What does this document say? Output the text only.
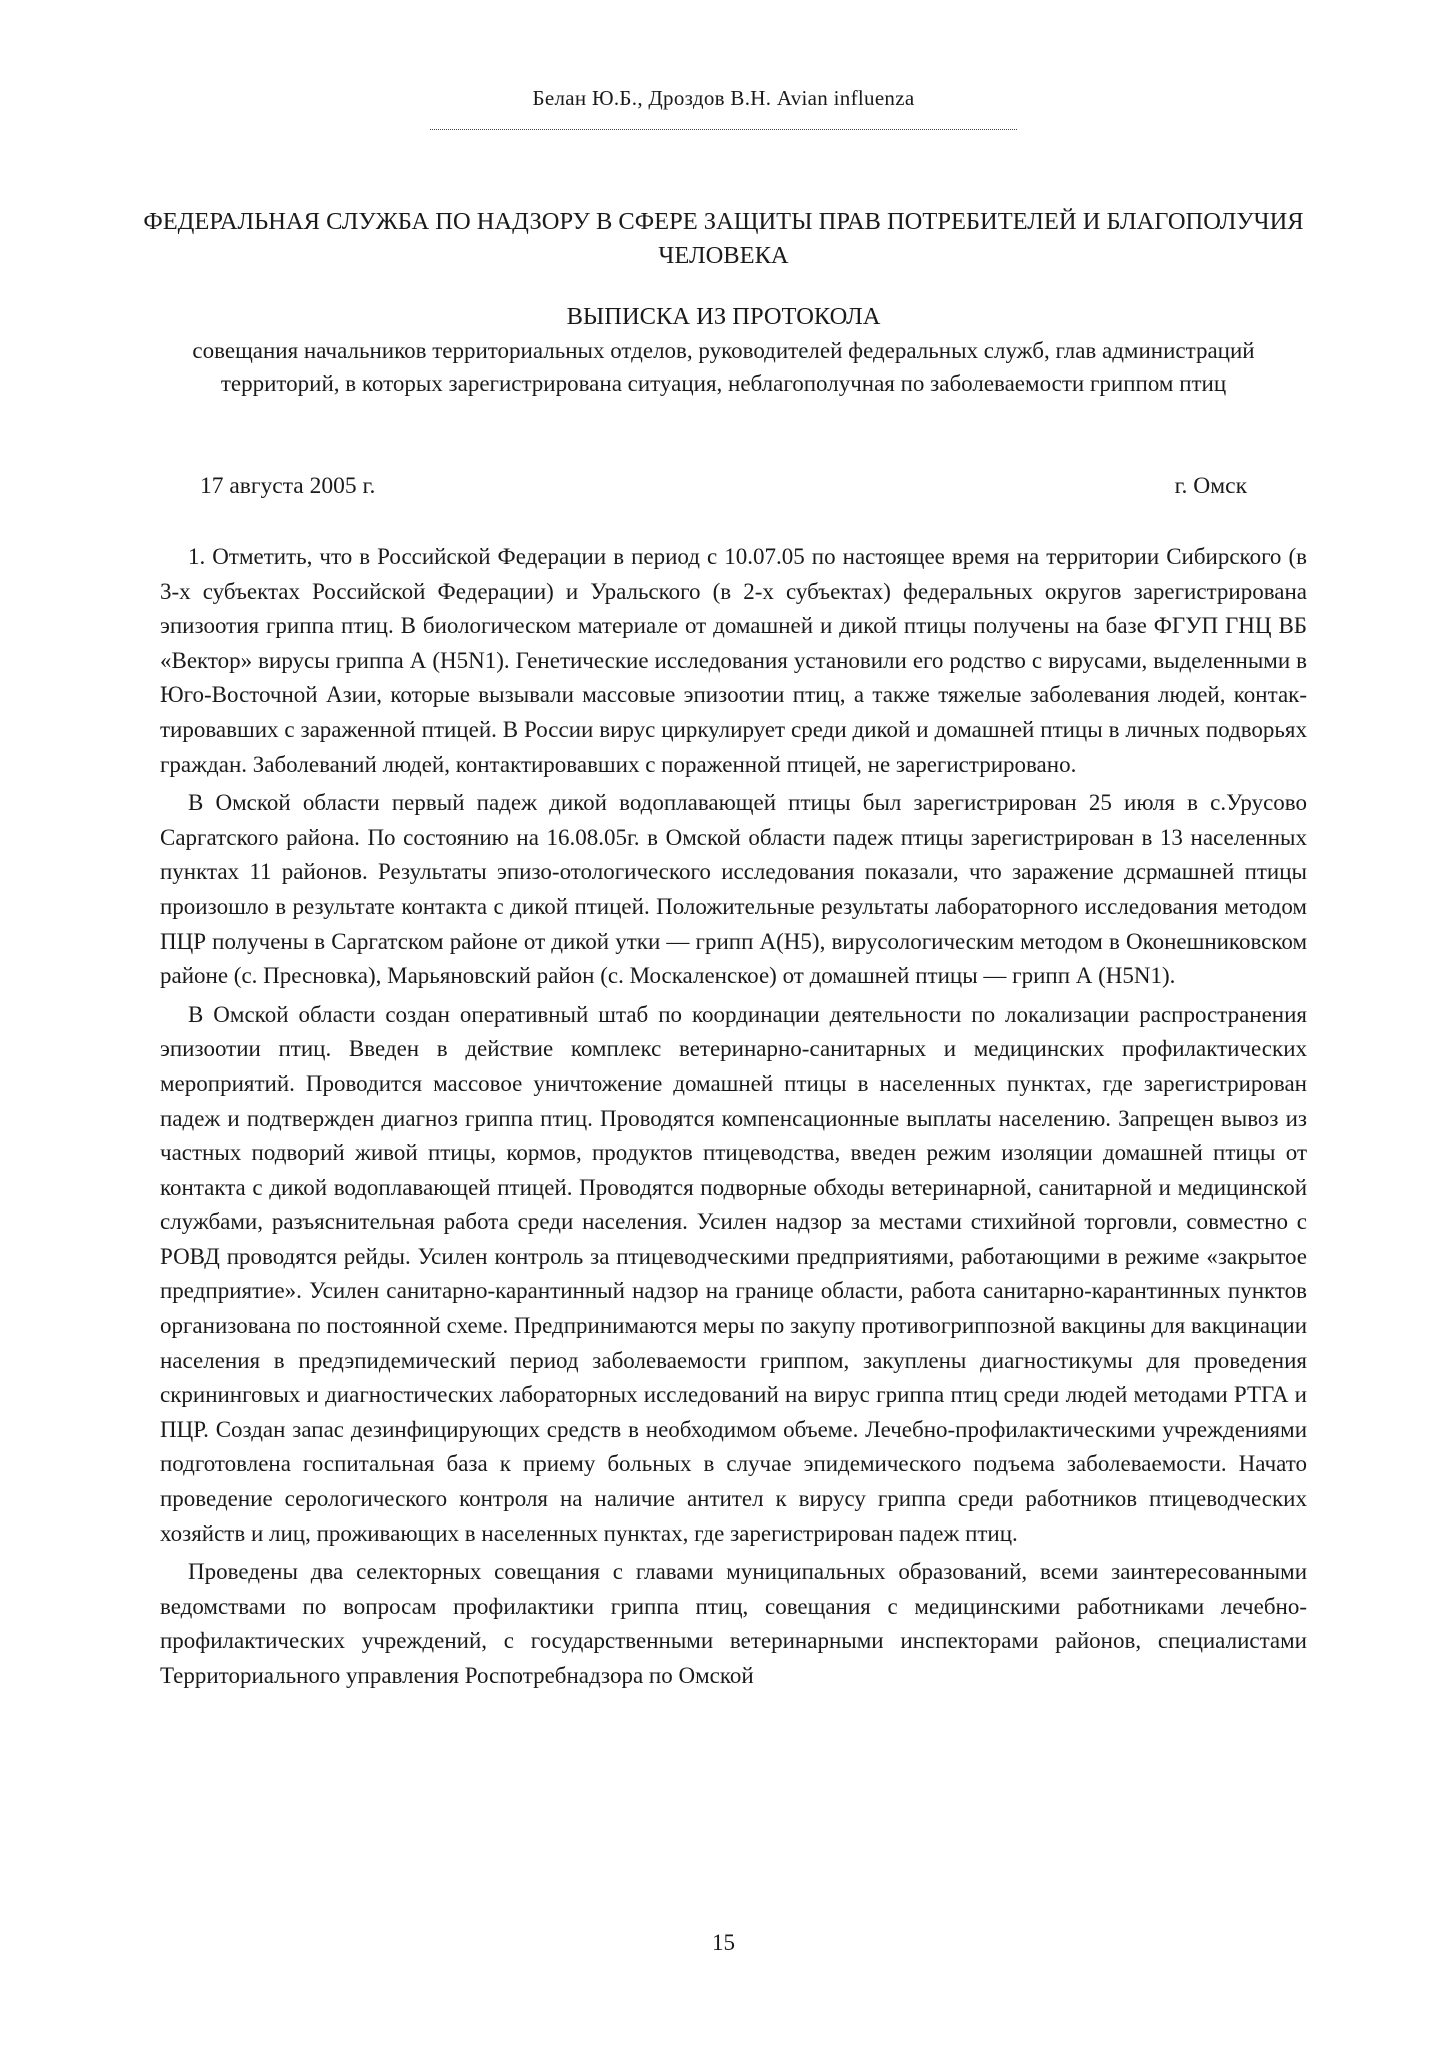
Белан Ю.Б., Дроздов В.Н. Avian influenza
ФЕДЕРАЛЬНАЯ СЛУЖБА ПО НАДЗОРУ В СФЕРЕ ЗАЩИТЫ ПРАВ ПОТРЕБИТЕЛЕЙ И БЛАГОПОЛУЧИЯ ЧЕЛОВЕКА
ВЫПИСКА ИЗ ПРОТОКОЛА
совещания начальников территориальных отделов, руководителей федеральных служб, глав администраций территорий, в которых зарегистрирована ситуация, неблагополучная по заболеваемости гриппом птиц
17 августа 2005 г.	г. Омск

1. Отметить, что в Российской Федерации в период с 10.07.05 по настоящее время на территории Сибирского (в 3-х субъектах Российской Федерации) и Уральского (в 2-х субъектах) федеральных округов зарегистрирована эпизоотия гриппа птиц. В биологическом материале от домашней и дикой птицы получены на базе ФГУП ГНЦ ВБ «Вектор» вирусы гриппа А (H5N1). Генетические исследования установили его родство с вирусами, выделенными в Юго-Восточной Азии, которые вызывали массовые эпизоотии птиц, а также тяжелые заболевания людей, контактировавших с зараженной птицей. В России вирус циркулирует среди дикой и домашней птицы в личных подворьях граждан. Заболеваний людей, контактировавших с пораженной птицей, не зарегистрировано.

В Омской области первый падеж дикой водоплавающей птицы был зарегистрирован 25 июля в с.Урусово Саргатского района. По состоянию на 16.08.05г. в Омской области падеж птицы зарегистрирован в 13 населенных пунктах 11 районов. Результаты эпизо-отологического исследования показали, что заражение дсрмашней птицы произошло в результате контакта с дикой птицей. Положительные результаты лабораторного исследования методом ПЦР получены в Саргатском районе от дикой утки — грипп А(Н5), вирусологическим методом в Оконешниковском районе (с. Пресновка), Марьяновский район (с. Москаленское) от домашней птицы — грипп А (H5N1).

В Омской области создан оперативный штаб по координации деятельности по локализации распространения эпизоотии птиц. Введен в действие комплекс ветеринарно-санитарных и медицинских профилактических мероприятий. Проводится массовое уничтожение домашней птицы в населенных пунктах, где зарегистрирован падеж и подтвержден диагноз гриппа птиц. Проводятся компенсационные выплаты населению. Запрещен вывоз из частных подворий живой птицы, кормов, продуктов птицеводства, введен режим изоляции домашней птицы от контакта с дикой водоплавающей птицей. Проводятся подворные обходы ветеринарной, санитарной и медицинской службами, разъяснительная работа среди населения. Усилен надзор за местами стихийной торговли, совместно с РОВД проводятся рейды. Усилен контроль за птицеводческими предприятиями, работающими в режиме «закрытое предприятие». Усилен санитарно-карантинный надзор на границе области, работа санитарно-карантинных пунктов организована по постоянной схеме. Предпринимаются меры по закупу противогриппозной вакцины для вакцинации населения в предэпидемический период заболеваемости гриппом, закуплены диагностикумы для проведения скрининговых и диагностических лабораторных исследований на вирус гриппа птиц среди людей методами РТГА и ПЦР. Создан запас дезинфицирующих средств в необходимом объеме. Лечебно-профилактическими учреждениями подготовлена госпитальная база к приему больных в случае эпидемического подъема заболеваемости. Начато проведение серологического контроля на наличие антител к вирусу гриппа среди работников птицеводческих хозяйств и лиц, проживающих в населенных пунктах, где зарегистрирован падеж птиц.

Проведены два селекторных совещания с главами муниципальных образований, всеми заинтересованными ведомствами по вопросам профилактики гриппа птиц, совещания с медицинскими работниками лечебно-профилактических учреждений, с государственными ветеринарными инспекторами районов, специалистами Территориального управления Роспотребнадзора по Омской

15
